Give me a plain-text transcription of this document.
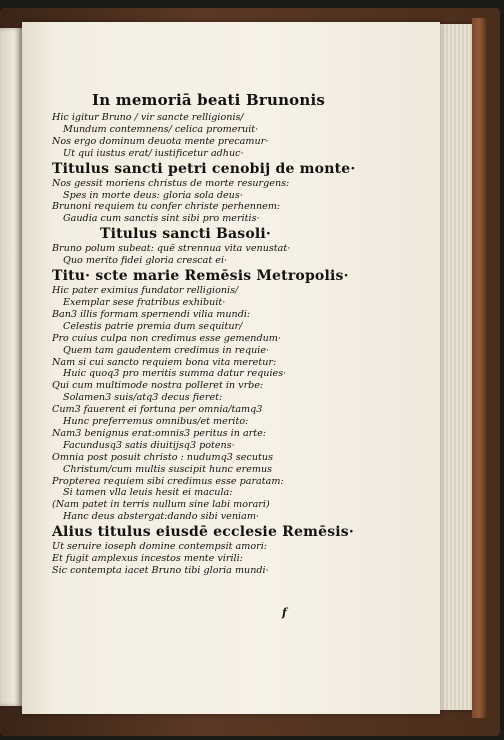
In memoriā beati Brunonis
Hic igitur Bruno / vir sancte relligionis/
Mundum contemnens/ celica promeruit·
Nos ergo dominum deuota mente precamur·
Ut qui iustus erat/ iustificetur adhuc·
Titulus sancti petri cenobij de monte·
Nos gessit moriens christus de morte resurgens:
Spes in morte deus: gloria sola deus·
Brunoni requiem tu confer christe perhennem:
Gaudia cum sanctis sint sibi pro meritis·
Titulus sancti Basoli·
Bruno polum subeat: quē strennua vita venustat·
Quo merito fidei gloria crescat ei·
Titu· scte marie Remēsis Metropolis·
Hic pater eximius fundator relligionis/
Exemplar sese fratribus exhibuit·
Ban3 illis formam spernendi vilia mundi:
Celestis patrie premia dum sequitur/
Pro cuius culpa non credimus esse gemendum·
Quem tam gaudentem credimus in requie·
Nam si cui sancto requiem bona vita meretur:
Huic quoq3 pro meritis summa datur requies·
Qui cum multimode nostra polleret in vrbe:
Solamen3 suis/atq3 decus fieret:
Cum3 fauerent ei fortuna per omnia/tamq3
Hunc preferremus omnibus/et merito:
Nam3 benignus erat:omnis3 peritus in arte:
Facundusq3 satis diuitijsq3 potens·
Omnia post posuit christo : nudumq3 secutus
Christum/cum multis suscipit hunc eremus
Propterea requiem sibi credimus esse paratam:
Si tamen vlla leuis hesit ei macula:
(Nam patet in terris nullum sine labi morari)
Hanc deus abstergat:dando sibi veniam·
Alius titulus eiusdē ecclesie Remēsis·
Ut seruire ioseph domine contempsit amori:
Et fugit amplexus incestos mente virili:
Sic contempta iacet Bruno tibi gloria mundi·
f
